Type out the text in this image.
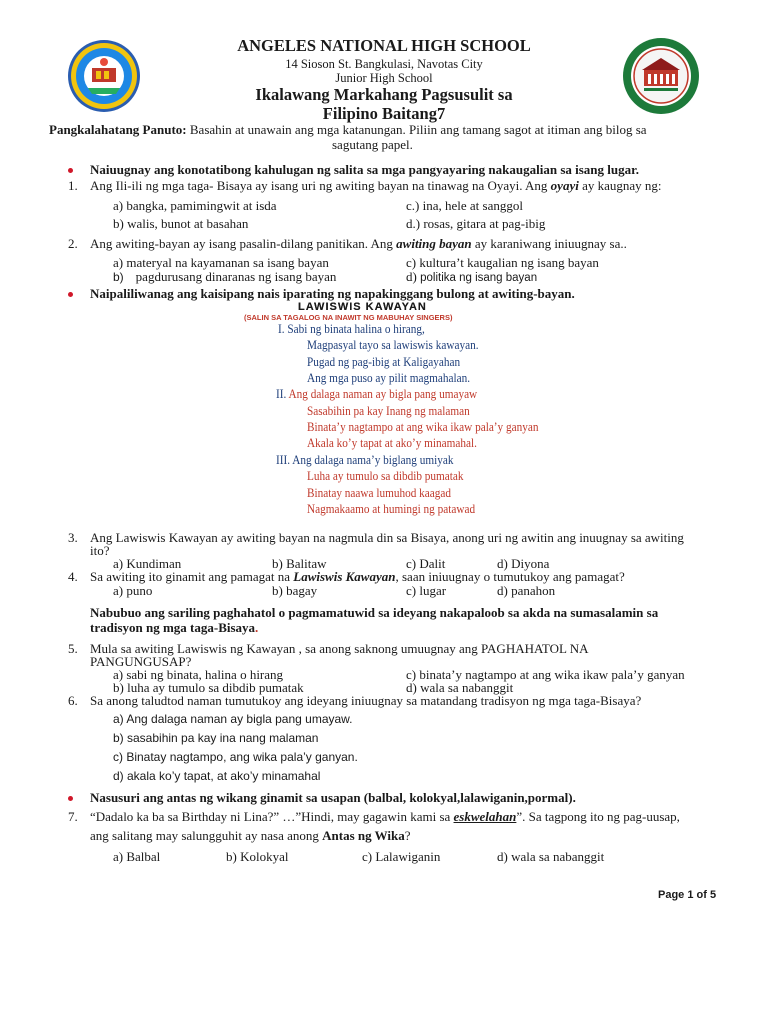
ANGELES NATIONAL HIGH SCHOOL
14 Sioson St. Bangkulasi, Navotas City
Junior High School
Ikalawang Markahang Pagsusulit sa
Filipino Baitang7
Pangkalahatang Panuto: Basahin at unawain ang mga katanungan. Piliin ang tamang sagot at itiman ang bilog sa
sagutang papel.
Naiuugnay ang konotatibong kahulugan ng salita sa mga pangyayaring nakaugalian sa isang lugar.
1. Ang Ili-ili ng mga taga- Bisaya ay isang uri ng awiting bayan na tinawag na Oyayi. Ang oyayi ay kaugnay ng:
a) bangka, pamimingwit at isda	c.) ina, hele at sanggol
b) walis, bunot at basahan	d.) rosas, gitara at pag-ibig
2. Ang awiting-bayan ay isang pasalin-dilang panitikan. Ang awiting bayan ay karaniwang iniuugnay sa..
a) materyal na kayamanan sa isang bayan	c) kultura’t kaugalian ng isang bayan
b) pagdurusang dinaranas ng isang bayan	d) politika ng isang bayan
Naipaliliwanag ang kaisipang nais iparating ng napakinggang bulong at awiting-bayan.
LAWISWIS KAWAYAN
(SALIN SA TAGALOG NA INAWIT NG MABUHAY SINGERS)
I. Sabi ng binata halina o hirang,
Magpasyal tayo sa lawiswis kawayan.
Pugad ng pag-ibig at Kaligayahan
Ang mga puso ay pilit magmahalan.
II. Ang dalaga naman ay bigla pang umayaw
Sasabihin pa kay Inang ng malaman
Binata’y nagtampo at ang wika ikaw pala’y ganyan
Akala ko’y tapat at ako’y minamahal.
III. Ang dalaga nama’y biglang umiyak
Luha ay tumulo sa dibdib pumatak
Binatay naawa lumuhod kaagad
Nagmakaamo at humingi ng patawad
3. Ang Lawiswis Kawayan ay awiting bayan na nagmula din sa Bisaya, anong uri ng awitin ang inuugnay sa awiting
ito?
a) Kundiman	b) Balitaw	c) Dalit	d) Diyona
4. Sa awiting ito ginamit ang pamagat na Lawiswis Kawayan, saan iniuugnay o tumutukoy ang pamagat?
a) puno	b) bagay	c) lugar	d) panahon
Nabubuo ang sariling paghahatol o pagmamatuwid sa ideyang nakapaloob sa akda na sumasalamin sa
tradisyon ng mga taga-Bisaya.
5. Mula sa awiting Lawiswis ng Kawayan , sa anong saknong umuugnay ang PAGHAHATOL NA
PANGUNGUSAP?
a) sabi ng binata, halina o hirang	c) binata’y nagtampo at ang wika ikaw pala’y ganyan
b) luha ay tumulo sa dibdib pumatak	d) wala sa nabanggit
6. Sa anong taludtod naman tumutukoy ang ideyang iniuugnay sa matandang tradisyon ng mga taga-Bisaya?
a) Ang dalaga naman ay bigla pang umayaw.
b) sasabihin pa kay ina nang malaman
c) Binatay nagtampo, ang wika pala’y ganyan.
d) akala ko’y tapat, at ako’y minamahal
Nasusuri ang antas ng wikang ginamit sa usapan (balbal, kolokyal,lalawiganin,pormal).
7. “Dadalo ka ba sa Birthday ni Lina?” …”Hindi, may gagawin kami sa eskwelahan”. Sa tagpong ito ng pag-uusap,
ang salitang may salungguhit ay nasa anong Antas ng Wika?
a) Balbal	b) Kolokyal	c) Lalawiganin	d) wala sa nabanggit
Page 1 of 5
